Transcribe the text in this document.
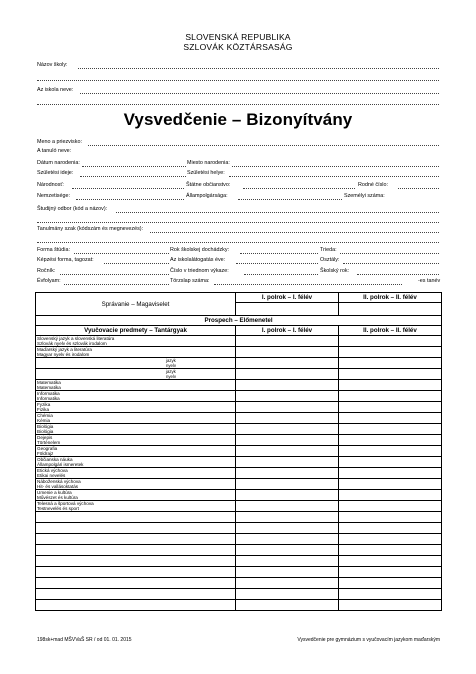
SLOVENSKÁ REPUBLIKA
SZLOVÁK KÖZTÁRSASÁG
Názov školy:
Az iskola neve:
Vysvedčenie – Bizonyítvány
Meno a priezvisko:
A tanuló neve:
Dátum narodenia:	Miesto narodenia:
Születési ideje:	Születési helye:
Národnosť:	Štátne občianstvo:	Rodné číslo:
Nemzetisége:	Állampolgársága:	Személyi száma:
Študijný odbor (kód a názov):
Tanulmány szak (kódszám és megnevezés):
Forma štúdia:	Rok školskej dochádzky:	Trieda:
Képzési forma, tagozat:	Az iskolalátogatás éve:	Osztály:
Ročník:	Číslo v triednom výkaze:	Školský rok:
Évfolyam:	Törzslap száma:	-es tanév
Správanie – Magaviselet	I. polrok – I. félév	II. polrok – II. félév

Prospech – Előmenetel		
Vyučovacie predmety – Tantárgyak	I. polrok – I. félév	II. polrok – II. félév

Slovenský jazyk a slovenská literatúra
Szlovák nyelv és szlovák irodalom		

Maďarský jazyk a literatúra
Magyar nyelv és irodalom		

jazyk
nyelv		

jazyk
nyelv		

Matematika
Matematika		

Informatika
Informatika		

Fyzika
Fizika		

Chémia
Kémia		

Biológia
Biológia		

Dejepis
Történelem		

Geografia
Földrajz		

Občianska náuka
Állampolgári ismeretek		

Etická výchova
Etikai nevelés		

Náboženská výchova
Hit- és vallásoktatás		

Umenie a kultúra
Művészet és kultúra		

Telesná a športová výchova
Testnevelés és sport		

198sk+mad MŠVVaŠ SR / od 01. 01. 2015	Vysvedčenie pre gymnázium s vyučovacím jazykom maďarským
